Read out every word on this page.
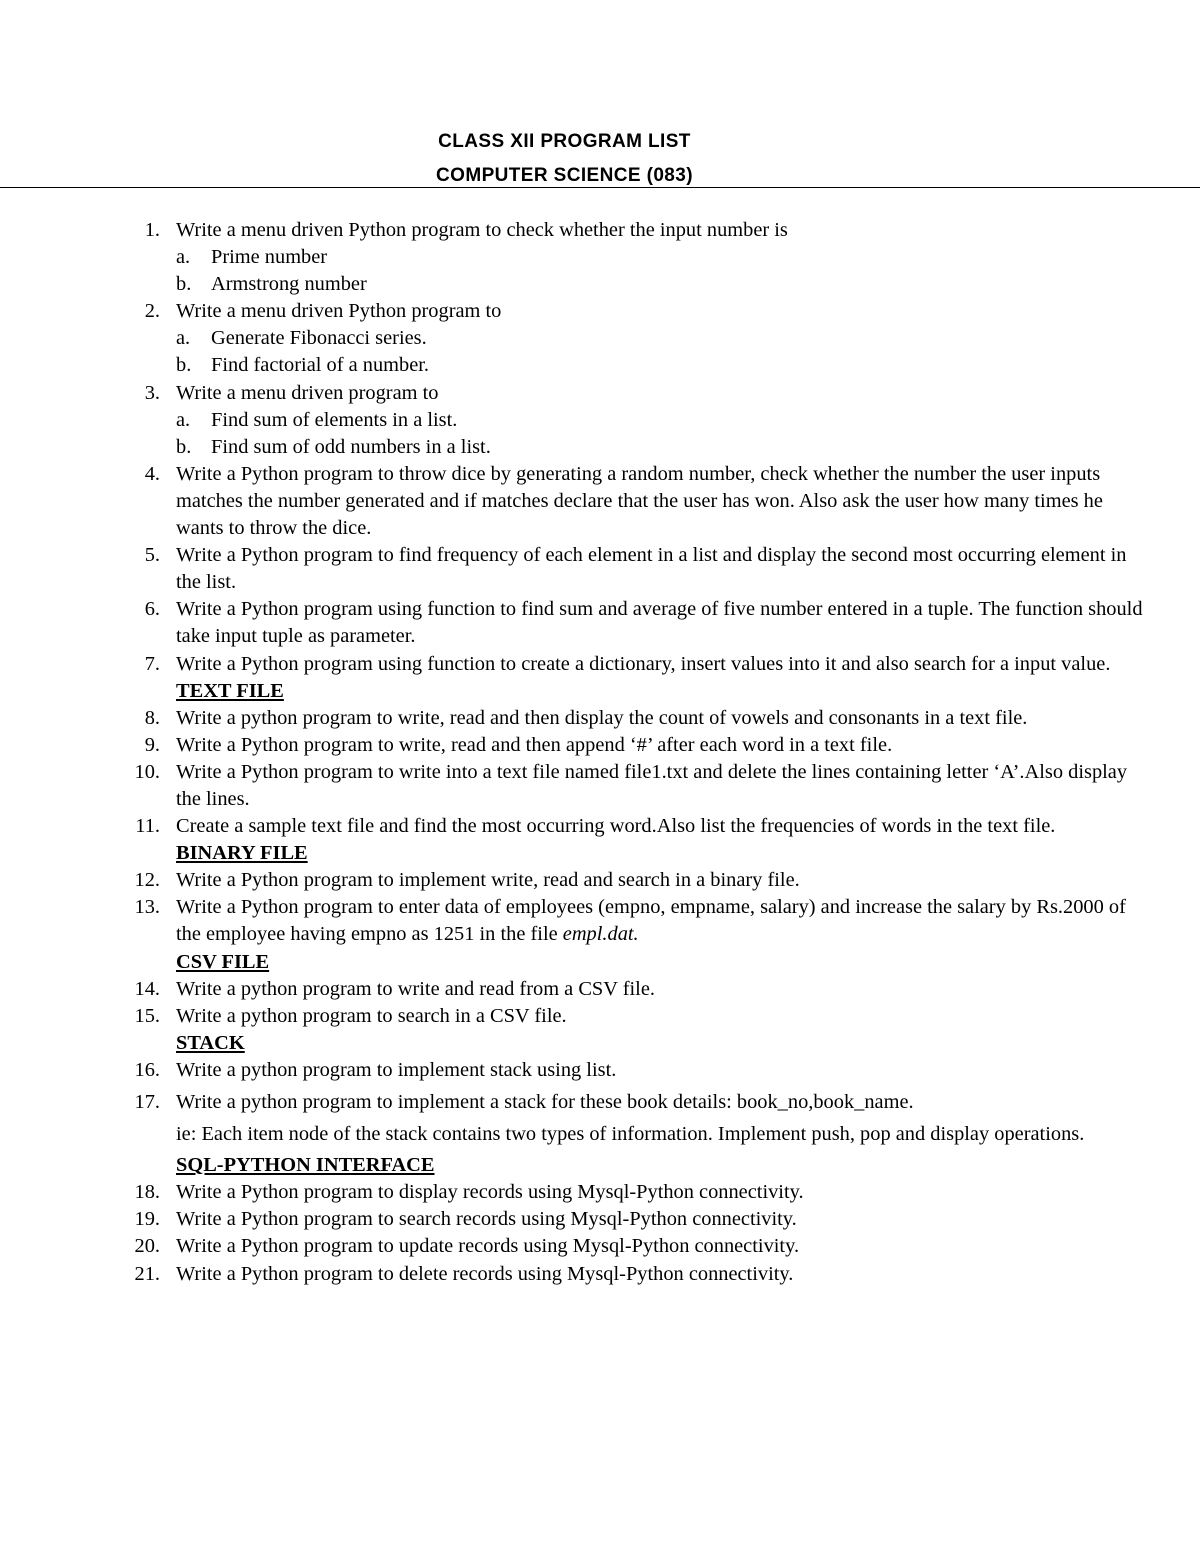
CLASS XII PROGRAM LIST
COMPUTER SCIENCE (083)
1. Write a menu driven Python program to check whether the input number is
a. Prime number
b. Armstrong number
2. Write a menu driven Python program to
a. Generate Fibonacci series.
b. Find factorial of a number.
3. Write a menu driven program to
a. Find sum of elements in a list.
b. Find sum of odd numbers in a list.
4. Write a Python program to throw dice by generating a random number, check whether the number the user inputs matches the number generated and if matches declare that the user has won. Also ask the user how many times he wants to throw the dice.
5. Write a Python program to find frequency of each element in a list and display the second most occurring element in the list.
6. Write a Python program using function to find sum and average of five number entered in a tuple. The function should take input tuple as parameter.
7. Write a Python program using function to create a dictionary, insert values into it and also search for a input value.
TEXT FILE
8. Write a python program to write, read and then display the count of vowels and consonants in a text file.
9. Write a Python program to write, read and then append ‘#’ after each word in a text file.
10. Write a Python program to write into a text file named file1.txt and delete the lines containing letter ‘A’.Also display the lines.
11. Create a sample text file and find the most occurring word.Also list the frequencies of words in the text file.
BINARY FILE
12. Write a Python program to implement write, read and search in a binary file.
13. Write a Python program to enter data of employees (empno, empname, salary) and increase the salary by Rs.2000 of the employee having empno as 1251 in the file empl.dat.
CSV FILE
14. Write a python program to write and read from a CSV file.
15. Write a python program to search in a CSV file.
STACK
16. Write a python program to implement stack using list.
17. Write a python program to implement a stack for these book details: book_no,book_name.
ie: Each item node of the stack contains two types of information. Implement push, pop and display operations.
SQL-PYTHON INTERFACE
18. Write a Python program to display records using Mysql-Python connectivity.
19. Write a Python program to search records using Mysql-Python connectivity.
20. Write a Python program to update records using Mysql-Python connectivity.
21. Write a Python program to delete records using Mysql-Python connectivity.
